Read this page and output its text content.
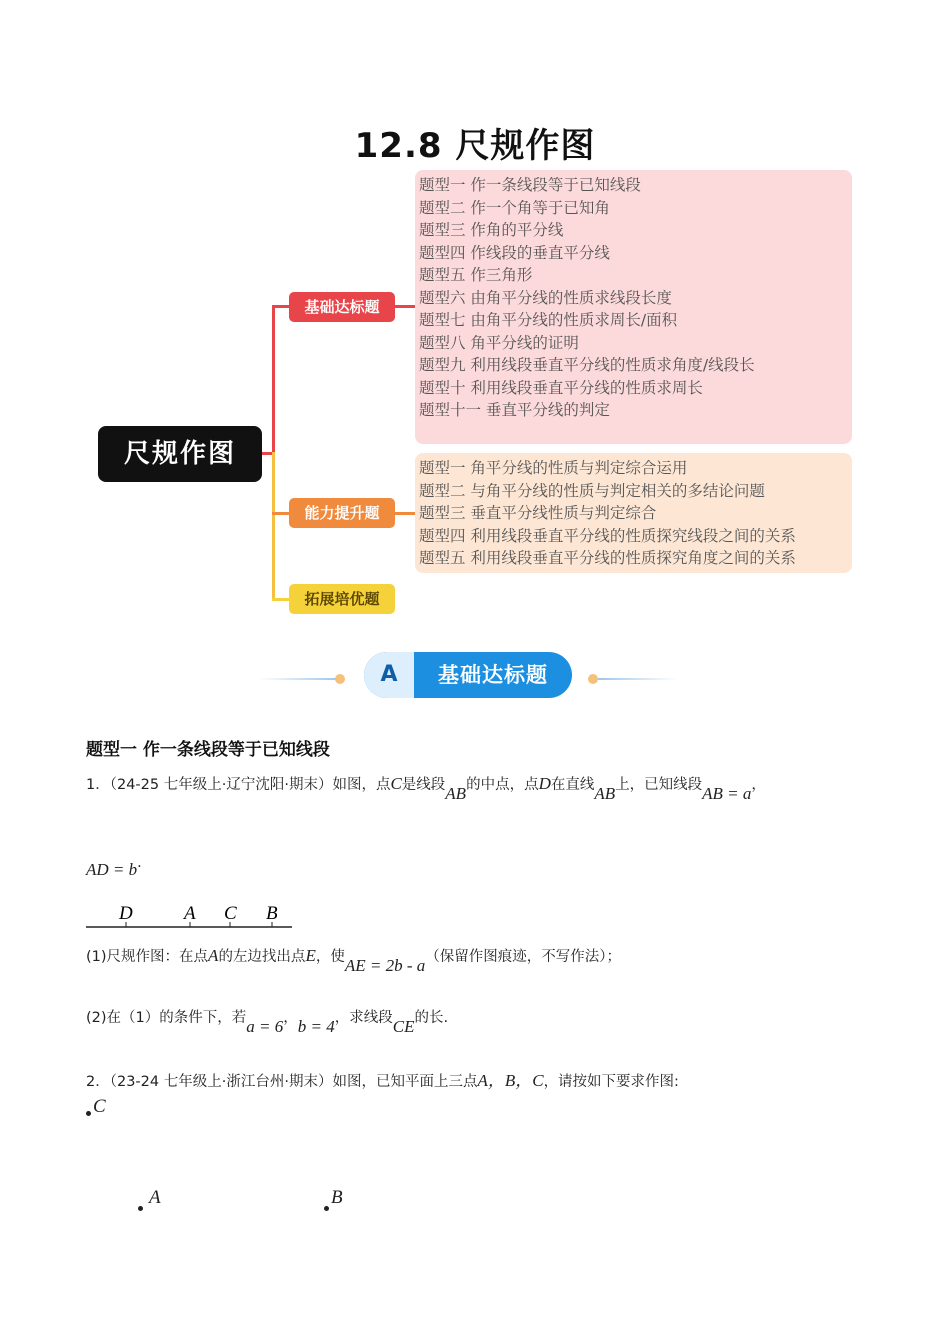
12.8 尺规作图
尺规作图
基础达标题
能力提升题
拓展培优题
题型一 作一条线段等于已知线段
题型二 作一个角等于已知角
题型三 作角的平分线
题型四 作线段的垂直平分线
题型五 作三角形
题型六 由角平分线的性质求线段长度
题型七 由角平分线的性质求周长/面积
题型八 角平分线的证明
题型九 利用线段垂直平分线的性质求角度/线段长
题型十 利用线段垂直平分线的性质求周长
题型十一 垂直平分线的判定
题型一 角平分线的性质与判定综合运用
题型二 与角平分线的性质与判定相关的多结论问题
题型三 垂直平分线性质与判定综合
题型四 利用线段垂直平分线的性质探究线段之间的关系
题型五 利用线段垂直平分线的性质探究角度之间的关系
A	基础达标题
题型一 作一条线段等于已知线段
1．（24-25 七年级上·辽宁沈阳·期末）如图，点C是线段AB的中点，点D在直线AB上，已知线段AB = a，
AD = b.
D	A C B
(1)尺规作图：在点A的左边找出点E，使AE = 2b - a（保留作图痕迹，不写作法）；
(2)在（1）的条件下，若a = 6，b = 4，求线段CE的长.
2．（23-24 七年级上·浙江台州·期末）如图，已知平面上三点A，B，C，请按如下要求作图:
C
A	B
